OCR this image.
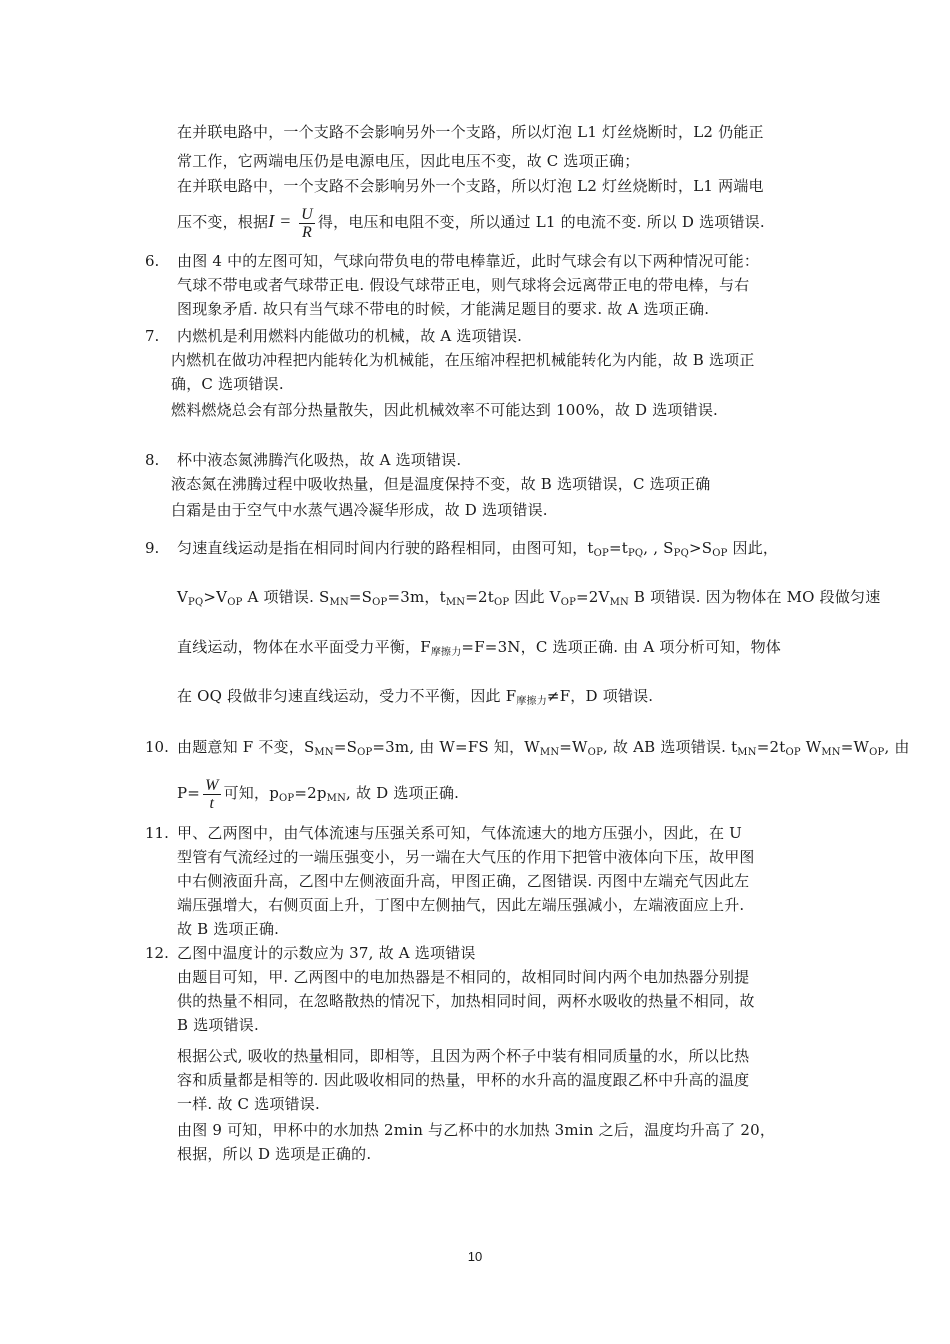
在并联电路中，一个支路不会影响另外一个支路，所以灯泡 L1 灯丝烧断时，L2 仍能正
常工作，它两端电压仍是电源电压，因此电压不变，故 C 选项正确；
在并联电路中，一个支路不会影响另外一个支路，所以灯泡 L2 灯丝烧断时，L1 两端电
压不变，根据$I = \frac{U}{R}$ 得，电压和电阻不变，所以通过 L1 的电流不变. 所以 D 选项错误.
6. 由图 4 中的左图可知，气球向带负电的带电棒靠近，此时气球会有以下两种情况可能：
气球不带电或者气球带正电. 假设气球带正电，则气球将会远离带正电的带电棒，与右
图现象矛盾. 故只有当气球不带电的时候，才能满足题目的要求. 故 A 选项正确.
7. 内燃机是利用燃料内能做功的机械，故 A 选项错误.
内燃机在做功冲程把内能转化为机械能，在压缩冲程把机械能转化为内能，故 B 选项正
确，C 选项错误.
燃料燃烧总会有部分热量散失，因此机械效率不可能达到 100%，故 D 选项错误.
8. 杯中液态氮沸腾汽化吸热，故 A 选项错误.
液态氮在沸腾过程中吸收热量，但是温度保持不变，故 B 选项错误，C 选项正确
白霜是由于空气中水蒸气遇冷凝华形成，故 D 选项错误.
9. 匀速直线运动是指在相同时间内行驶的路程相同，由图可知，$t_{OP}=t_{PQ}$, , $S_{PQ}>S_{OP}$ 因此，
$V_{PQ}>V_{OP}$ A 项错误. $S_{MN}=S_{OP}=3m$，$t_{MN}=2t_{OP}$ 因此 $V_{OP}=2V_{MN}$ B 项错误. 因为物体在 MO 段做匀速
直线运动，物体在水平面受力平衡，$F_{摩擦力}=F=3N$，C 选项正确. 由 A 项分析可知，物体
在 OQ 段做非匀速直线运动，受力不平衡，因此 $F_{摩擦力}\ne F$，D 项错误.
10. 由题意知 F 不变，$S_{MN}=S_{OP}=3m$, 由 W=FS 知，$W_{MN}=W_{OP}$, 故 AB 选项错误. $t_{MN}=2t_{OP}$ $W_{MN}=W_{OP}$, 由
$P= \frac{W}{t}$ 可知，$p_{OP}=2p_{MN}$, 故 D 选项正确.
11. 甲、乙两图中，由气体流速与压强关系可知，气体流速大的地方压强小，因此，在 U
型管有气流经过的一端压强变小，另一端在大气压的作用下把管中液体向下压，故甲图
中右侧液面升高，乙图中左侧液面升高，甲图正确，乙图错误. 丙图中左端充气因此左
端压强增大，右侧页面上升，丁图中左侧抽气，因此左端压强减小，左端液面应上升.
故 B 选项正确.
12. 乙图中温度计的示数应为 37, 故 A 选项错误
由题目可知，甲. 乙两图中的电加热器是不相同的，故相同时间内两个电加热器分别提
供的热量不相同，在忽略散热的情况下，加热相同时间，两杯水吸收的热量不相同，故
B 选项错误.
根据公式, 吸收的热量相同，即相等，且因为两个杯子中装有相同质量的水，所以比热
容和质量都是相等的. 因此吸收相同的热量，甲杯的水升高的温度跟乙杯中升高的温度
一样. 故 C 选项错误.
由图 9 可知，甲杯中的水加热 2min 与乙杯中的水加热 3min 之后，温度均升高了 20，
根据，所以 D 选项是正确的.
10
